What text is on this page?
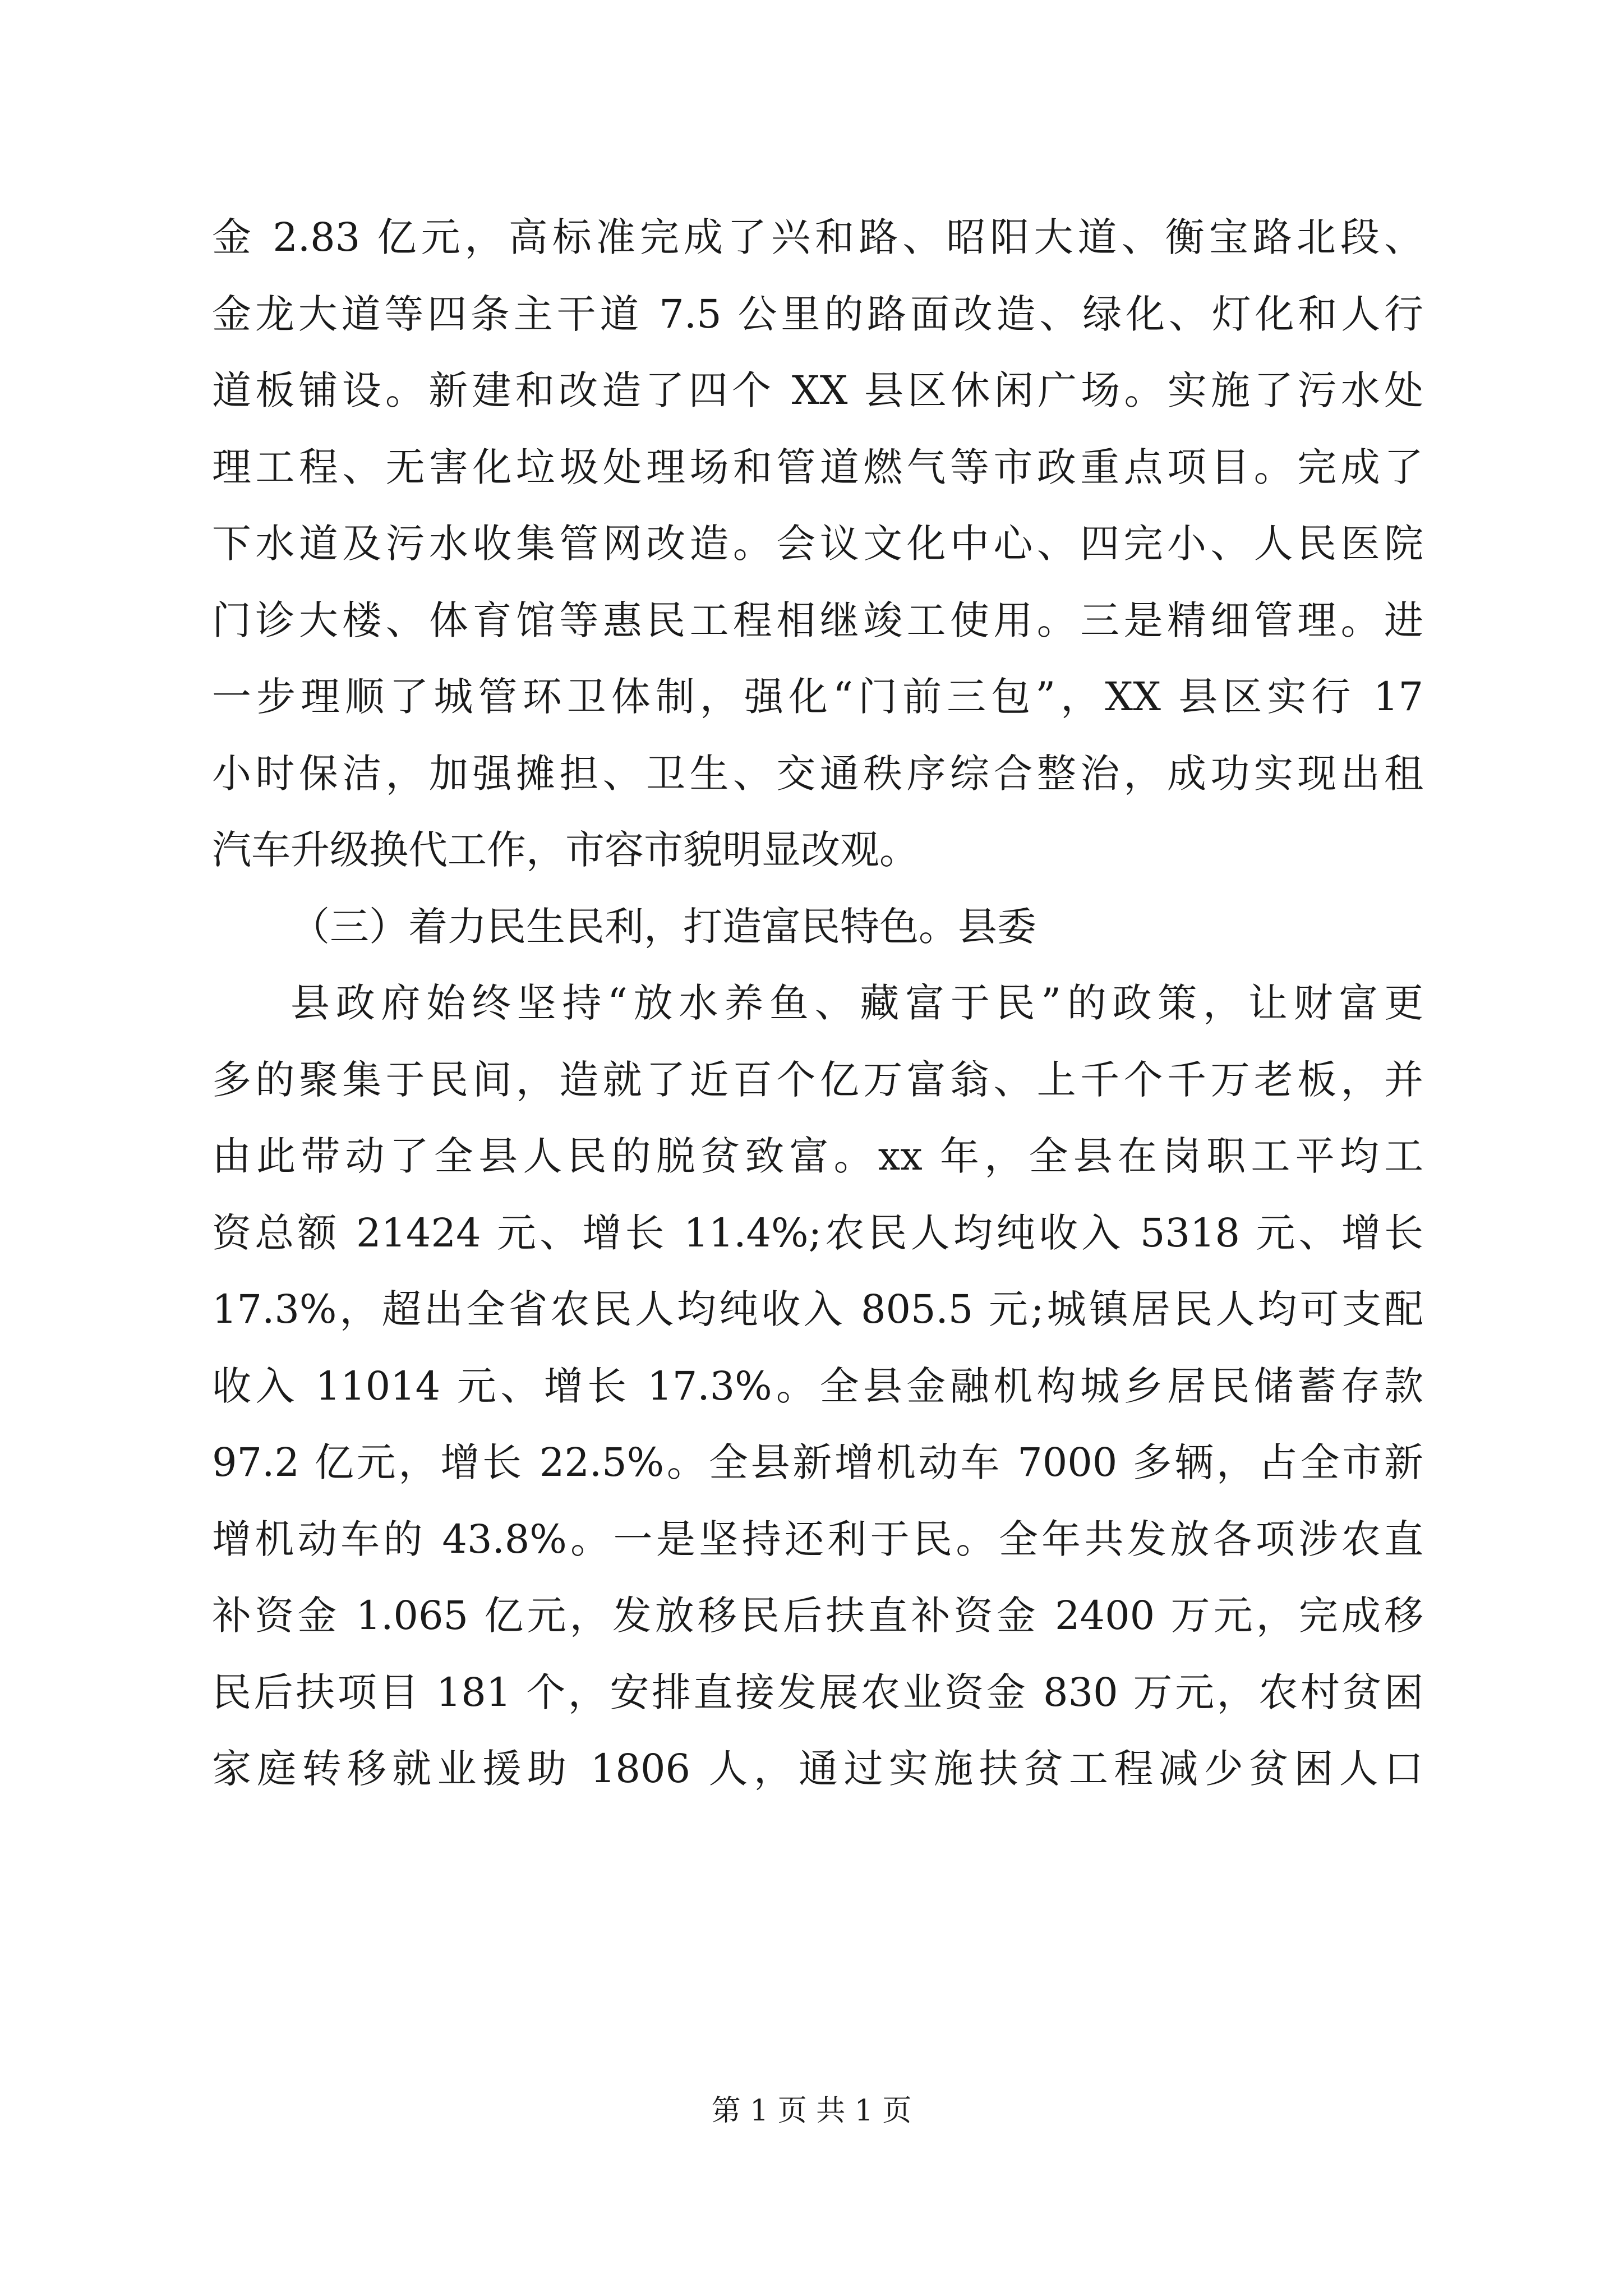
金 2.83 亿元，高标准完成了兴和路、昭阳大道、衡宝路北段、
金龙大道等四条主干道 7.5 公里的路面改造、绿化、灯化和人行
道板铺设。新建和改造了四个 XX 县区休闲广场。实施了污水处
理工程、无害化垃圾处理场和管道燃气等市政重点项目。完成了
下水道及污水收集管网改造。会议文化中心、四完小、人民医院
门诊大楼、体育馆等惠民工程相继竣工使用。三是精细管理。进
一步理顺了城管环卫体制，强化“门前三包”，XX 县区实行 17
小时保洁，加强摊担、卫生、交通秩序综合整治，成功实现出租
汽车升级换代工作，市容市貌明显改观。
（三）着力民生民利，打造富民特色。县委
县政府始终坚持“放水养鱼、藏富于民”的政策，让财富更
多的聚集于民间，造就了近百个亿万富翁、上千个千万老板，并
由此带动了全县人民的脱贫致富。xx 年，全县在岗职工平均工
资总额 21424 元、增长 11.4%;农民人均纯收入 5318 元、增长
17.3%，超出全省农民人均纯收入 805.5 元;城镇居民人均可支配
收入 11014 元、增长 17.3%。全县金融机构城乡居民储蓄存款
97.2 亿元，增长 22.5%。全县新增机动车 7000 多辆，占全市新
增机动车的 43.8%。一是坚持还利于民。全年共发放各项涉农直
补资金 1.065 亿元，发放移民后扶直补资金 2400 万元，完成移
民后扶项目 181 个，安排直接发展农业资金 830 万元，农村贫困
家庭转移就业援助 1806 人，通过实施扶贫工程减少贫困人口
第 1 页 共 1 页
